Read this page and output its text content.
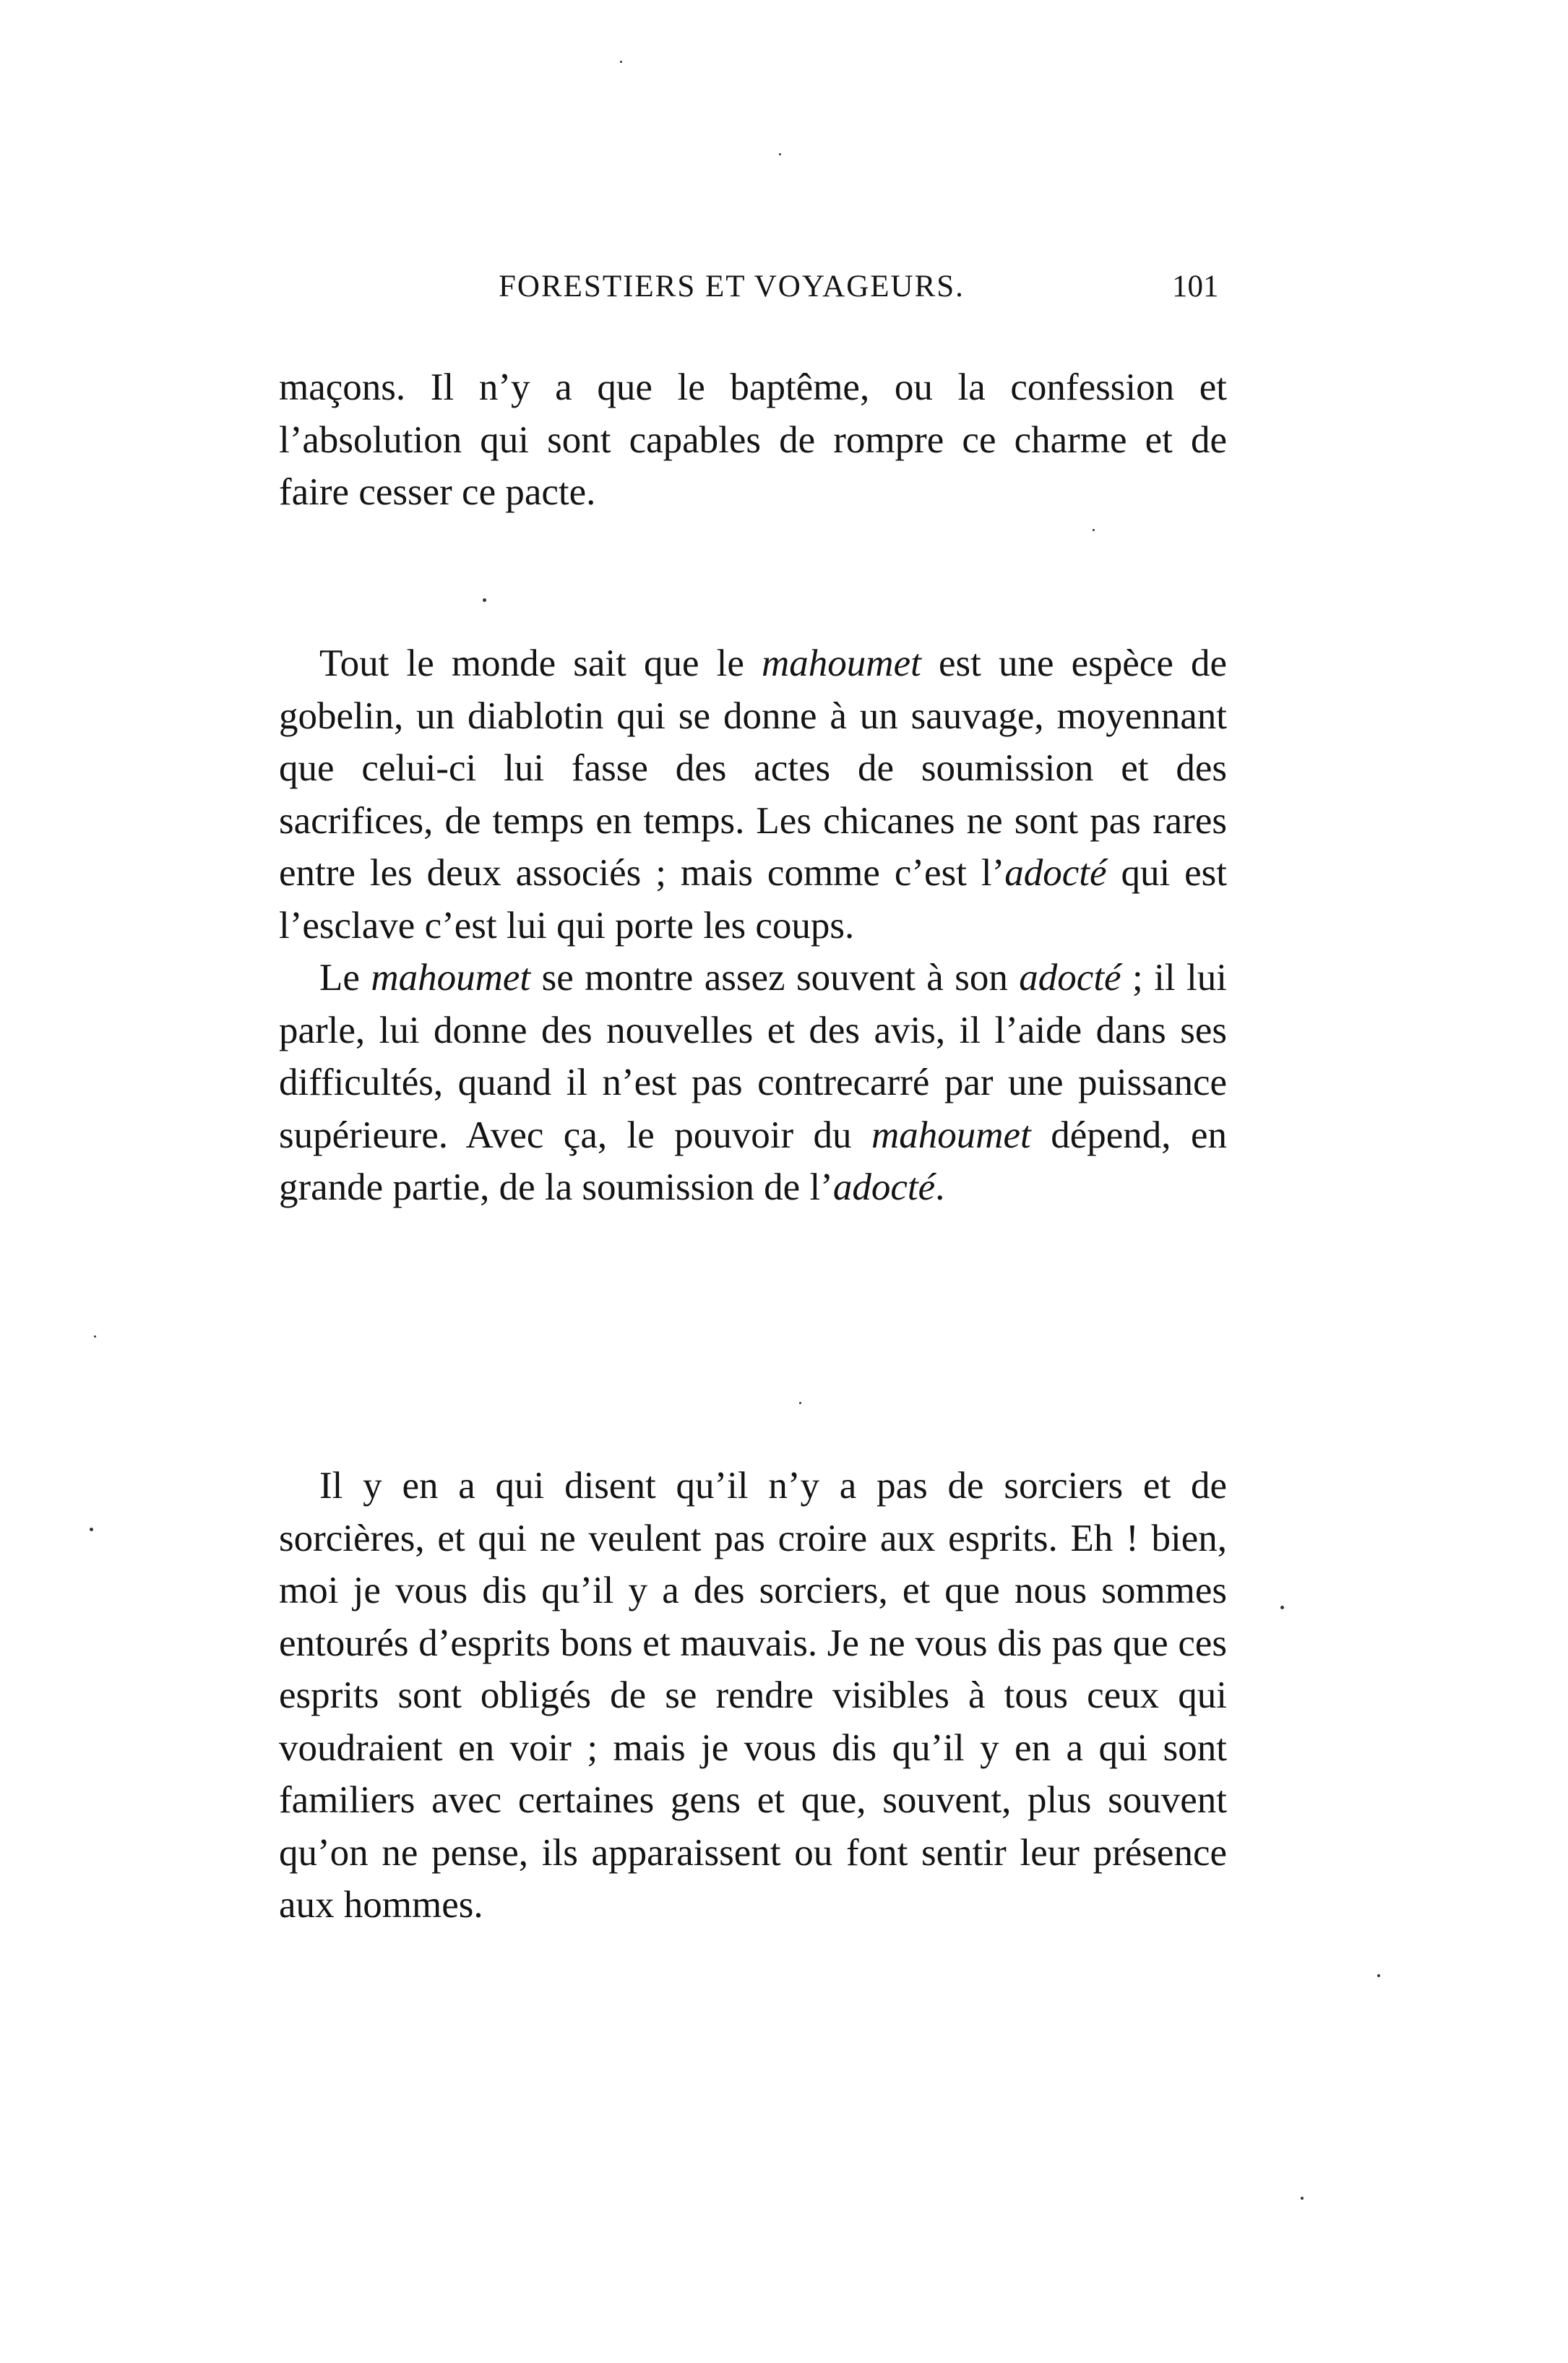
FORESTIERS ET VOYAGEURS.	101

maçons. Il n’y a que le baptême, ou la confession et l’absolution qui sont capables de rompre ce charme et de faire cesser ce pacte.

Tout le monde sait que le mahoumet est une espèce de gobelin, un diablotin qui se donne à un sauvage, moyennant que celui-ci lui fasse des actes de soumission et des sacrifices, de temps en temps. Les chicanes ne sont pas rares entre les deux associés ; mais comme c’est l’adocté qui est l’esclave c’est lui qui porte les coups.

Le mahoumet se montre assez souvent à son adocté ; il lui parle, lui donne des nouvelles et des avis, il l’aide dans ses difficultés, quand il n’est pas contrecarré par une puissance supérieure. Avec ça, le pouvoir du mahoumet dépend, en grande partie, de la soumission de l’adocté.

Il y en a qui disent qu’il n’y a pas de sorciers et de sorcières, et qui ne veulent pas croire aux esprits. Eh ! bien, moi je vous dis qu’il y a des sorciers, et que nous sommes entourés d’esprits bons et mauvais. Je ne vous dis pas que ces esprits sont obligés de se rendre visibles à tous ceux qui voudraient en voir ; mais je vous dis qu’il y en a qui sont familiers avec certaines gens et que, souvent, plus souvent qu’on ne pense, ils apparaissent ou font sentir leur présence aux hommes.
